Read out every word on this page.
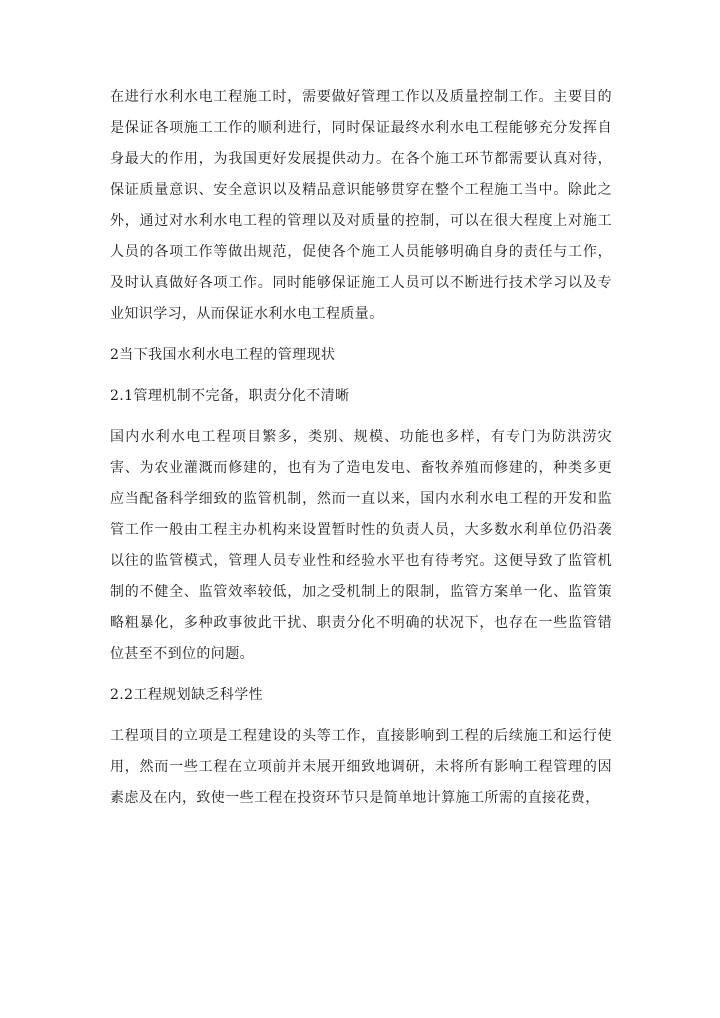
在进行水利水电工程施工时，需要做好管理工作以及质量控制工作。主要目的是保证各项施工工作的顺利进行，同时保证最终水利水电工程能够充分发挥自身最大的作用，为我国更好发展提供动力。在各个施工环节都需要认真对待，保证质量意识、安全意识以及精品意识能够贯穿在整个工程施工当中。除此之外，通过对水利水电工程的管理以及对质量的控制，可以在很大程度上对施工人员的各项工作等做出规范，促使各个施工人员能够明确自身的责任与工作，及时认真做好各项工作。同时能够保证施工人员可以不断进行技术学习以及专业知识学习，从而保证水利水电工程质量。

2当下我国水利水电工程的管理现状

2.1管理机制不完备，职责分化不清晰

国内水利水电工程项目繁多，类别、规模、功能也多样，有专门为防洪涝灾害、为农业灌溉而修建的，也有为了造电发电、畜牧养殖而修建的，种类多更应当配备科学细致的监管机制，然而一直以来，国内水利水电工程的开发和监管工作一般由工程主办机构来设置暂时性的负责人员，大多数水利单位仍沿袭以往的监管模式，管理人员专业性和经验水平也有待考究。这便导致了监管机制的不健全、监管效率较低，加之受机制上的限制，监管方案单一化、监管策略粗暴化，多种政事彼此干扰、职责分化不明确的状况下，也存在一些监管错位甚至不到位的问题。

2.2工程规划缺乏科学性

工程项目的立项是工程建设的头等工作，直接影响到工程的后续施工和运行使用，然而一些工程在立项前并未展开细致地调研，未将所有影响工程管理的因素虑及在内，致使一些工程在投资环节只是简单地计算施工所需的直接花费，
